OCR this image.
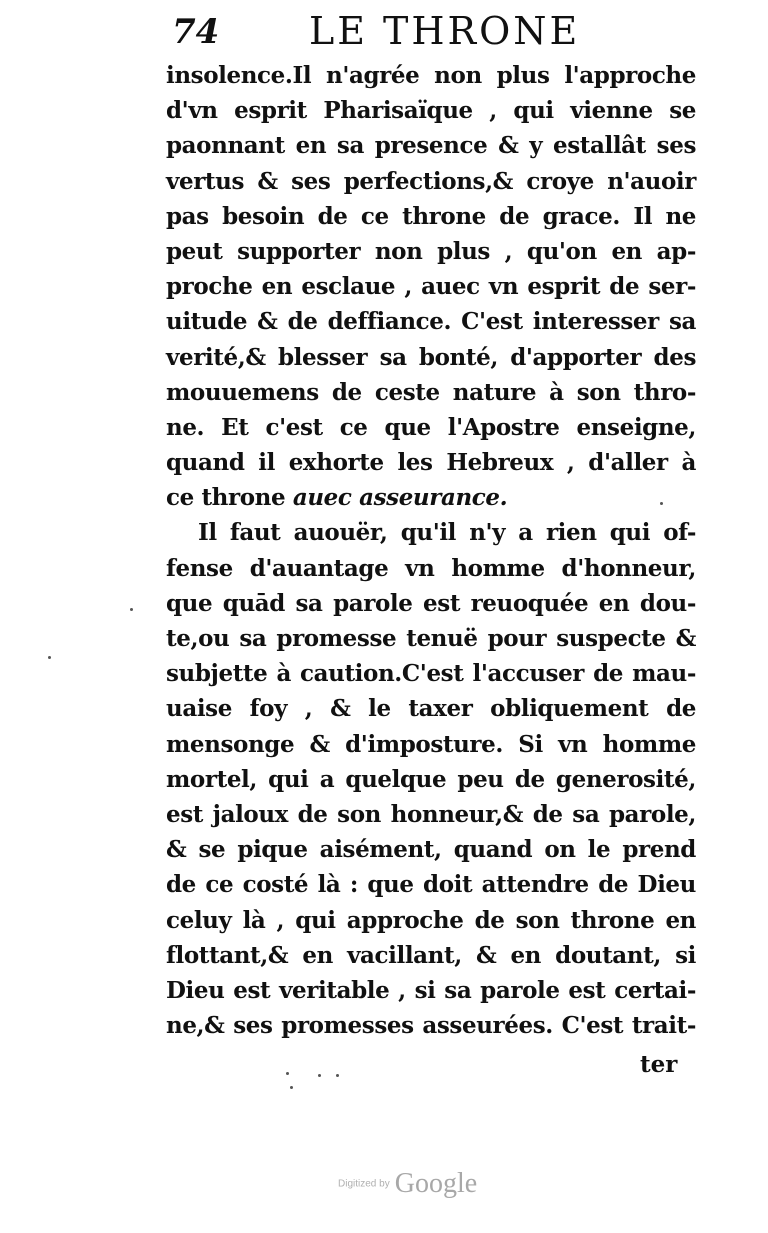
74 LE THRONE
insolence.Il n'agrée non plus l'approche
d'vn esprit Pharisaïque , qui vienne se
paonnant en sa presence & y estallât ses
vertus & ses perfections,& croye n'auoir
pas besoin de ce throne de grace. Il ne
peut supporter non plus , qu'on en ap-
proche en esclaue , auec vn esprit de ser-
uitude & de deffiance. C'est interesser sa
verité,& blesser sa bonté, d'apporter des
mouuemens de ceste nature à son thro-
ne. Et c'est ce que l'Apostre enseigne,
quand il exhorte les Hebreux , d'aller à
ce throne auec asseurance.
Il faut auouër, qu'il n'y a rien qui of-
fense d'auantage vn homme d'honneur,
que quād sa parole est reuoquée en dou-
te,ou sa promesse tenuë pour suspecte &
subjette à caution.C'est l'accuser de mau-
uaise foy , & le taxer obliquement de
mensonge & d'imposture. Si vn homme
mortel, qui a quelque peu de generosité,
est jaloux de son honneur,& de sa parole,
& se pique aisément, quand on le prend
de ce costé là : que doit attendre de Dieu
celuy là , qui approche de son throne en
flottant,& en vacillant, & en doutant, si
Dieu est veritable , si sa parole est certai-
ne,& ses promesses asseurées. C'est trait-
ter
Digitized by Google
